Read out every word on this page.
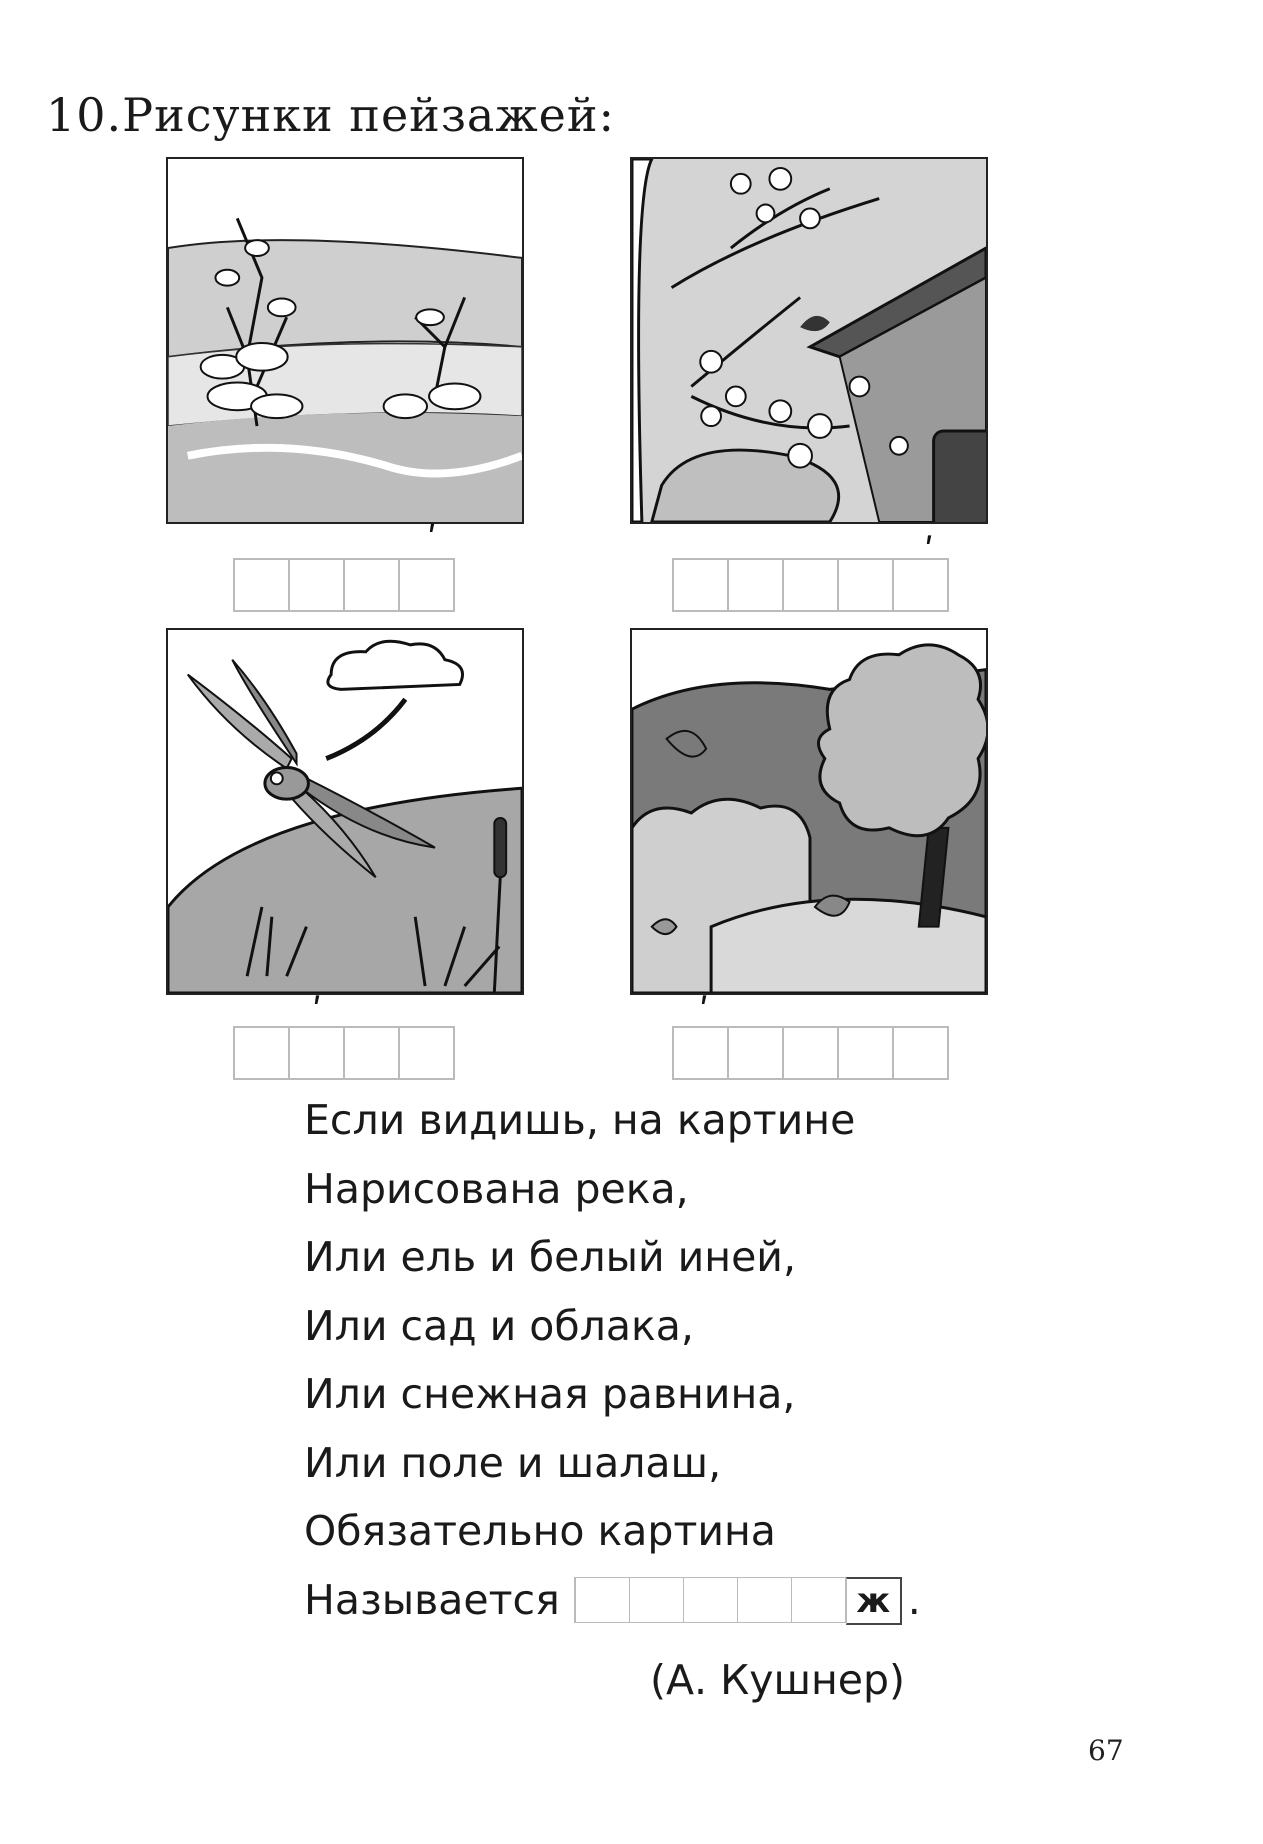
10.Рисунки пейзажей:
ʹ	ʹ
ʹ	ʹ
Если видишь, на картине
Нарисована река,
Или ель и белый иней,
Или сад и облака,
Или снежная равнина,
Или поле и шалаш,
Обязательно картина
Называется	ж .
(А. Кушнер)
67
